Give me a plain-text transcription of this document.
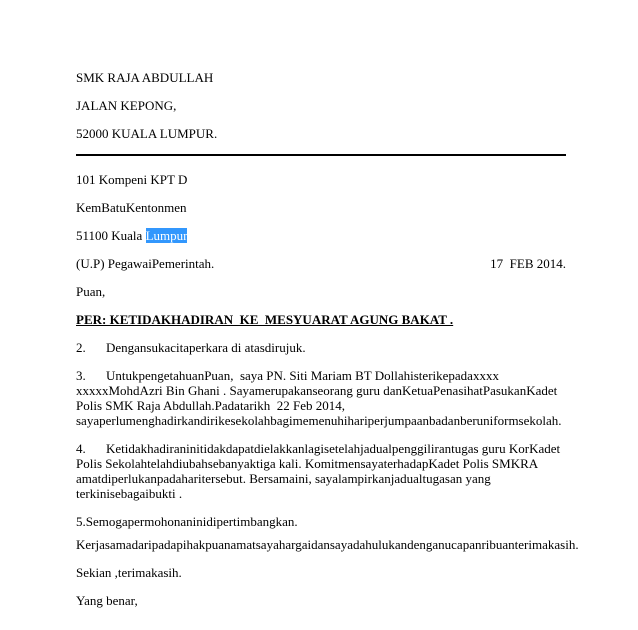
SMK RAJA ABDULLAH

JALAN KEPONG,

52000 KUALA LUMPUR.

101 Kompeni KPT D

KemBatuKentonmen

51100 Kuala Lumpur

(U.P) PegawaiPemerintah.	17  FEB 2014.

Puan,

PER: KETIDAKHADIRAN  KE  MESYUARAT AGUNG BAKAT .

2. Dengansukacitaperkara di atasdirujuk.

3. UntukpengetahuanPuan,  saya PN. Siti Mariam BT Dollahisterikepadaxxxx xxxxxMohdAzri Bin Ghani . Sayamerupakanseorang guru danKetuaPenasihatPasukanKadet Polis SMK Raja Abdullah.Padatarikh  22 Feb 2014, sayaperlumenghadirkandirikesekolahbagimemenuhihariperjumpaanbadanberuniformsekolah.

4. Ketidakhadiraninitidakdapatdielakkanlagisetelahjadualpenggilirantugas guru KorKadet Polis Sekolahtelahdiubahsebanyaktiga kali. KomitmensayaterhadapKadet Polis SMKRA amatdiperlukanpadaharitersebut. Bersamaini, sayalampirkanjadualtugasan yang terkinisebagaibukti .

5.Semogapermohonaninidipertimbangkan.

Kerjasamadaripadapihakpuanamatsayahargaidansayadahulukandenganucapanribuanterimakasih.

Sekian ,terimakasih.

Yang benar,
